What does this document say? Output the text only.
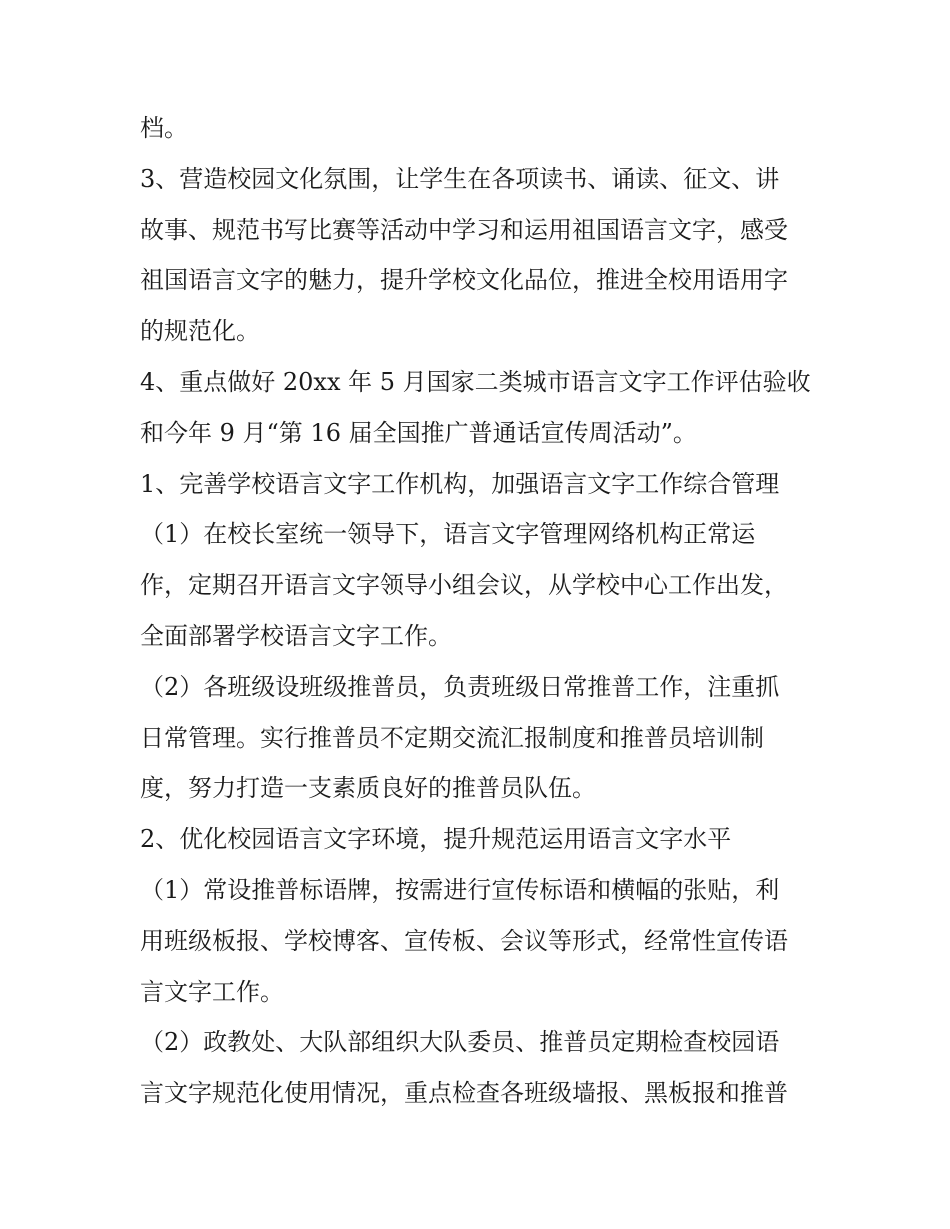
档。
3、营造校园文化氛围，让学生在各项读书、诵读、征文、讲
故事、规范书写比赛等活动中学习和运用祖国语言文字，感受
祖国语言文字的魅力，提升学校文化品位，推进全校用语用字
的规范化。
4、重点做好 20xx 年 5 月国家二类城市语言文字工作评估验收
和今年 9 月“第 16 届全国推广普通话宣传周活动”。
1、完善学校语言文字工作机构，加强语言文字工作综合管理
（1）在校长室统一领导下，语言文字管理网络机构正常运
作，定期召开语言文字领导小组会议，从学校中心工作出发，
全面部署学校语言文字工作。
（2）各班级设班级推普员，负责班级日常推普工作，注重抓
日常管理。实行推普员不定期交流汇报制度和推普员培训制
度，努力打造一支素质良好的推普员队伍。
2、优化校园语言文字环境，提升规范运用语言文字水平
（1）常设推普标语牌，按需进行宣传标语和横幅的张贴，利
用班级板报、学校博客、宣传板、会议等形式，经常性宣传语
言文字工作。
（2）政教处、大队部组织大队委员、推普员定期检查校园语
言文字规范化使用情况，重点检查各班级墙报、黑板报和推普
